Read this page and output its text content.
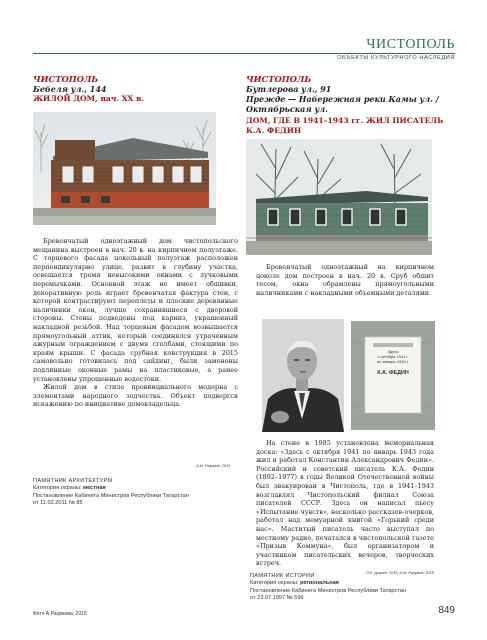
ЧИСТОПОЛЬ
ОБЪЕКТЫ КУЛЬТУРНОГО НАСЛЕДИЯ
ЧИСТОПОЛЬ
Бебеля ул., 144
ЖИЛОЙ ДОМ, нач. XX в.

Бревенчатый одноэтажный дом чистопольского мещанина выстроен в нач. 20 в. на кирпичном полуэтаже. С торцевого фасада цокольный полуэтаж расположен перпендикулярно улице, развит в глубину участка, освещается тремя невысокими окнами с лучковыми перемычками. Основной этаж не имеет обшивки, декоративную роль играет бревенчатая фактура стен, с которой контрастируют переплеты и плоские деревянные наличники окон, лучше сохранившиеся с дворовой стороны. Стены подведены под карниз, украшенный накладной резьбой. Над торцевым фасадом возвышается прямоугольный аттик, который соединялся утраченным ажурным ограждением с двумя столбами, стоящими по краям крыши. С фасада срубная конструкция в 2015 самовольно готовилась под сайдинг, были заменены подлинные оконные рамы на пластиковые, а ранее установлены упрощенные водостоки.

Жилой дом в стиле провинциального модерна с элементами народного зодчества. Объект подвергся искажению по инициативе домовладельца.

А.М. Разумов, 2015
ПАМЯТНИК АРХИТЕКТУРЫ
Категория охраны: местная
Постановление Кабинета Министров Республики Татарстан
от 11.02.2011 № 85
ЧИСТОПОЛЬ
Бутлерова ул., 91
Прежде — Набережная реки Камы ул. /
Октябрьская ул.
ДОМ, ГДЕ В 1941–1943 гг. ЖИЛ ПИСАТЕЛЬ
К.А. ФЕДИН

Бревенчатый одноэтажный на кирпичном цоколе дом построен в нач. 20 в. Сруб обшит тесом, окна обрамлены прямоугольными наличниками с накладными объемными деталями.

Здесь
с октября 1941 г.
по январь 1943 г.
К.А. ФЕДИН

На стене в 1985 установлена мемориальная доска: «Здесь с октября 1941 по январь 1943 года жил и работал Константин Александрович Федин». Российский и советский писатель К.А. Федин (1892–1977) в годы Великой Отечественной войны был эвакуирован в Чистополь, где в 1941–1943 возглавлял Чистопольский филиал Союза писателей СССР. Здесь он написал пьесу «Испытание чувств», несколько рассказов-очерков, работал над мемуарной книгой «Горький среди нас». Маститый писатель часто выступал по местному радио, печатался в чистопольской газете «Призыв Коммуна», был организатором и участником писательских вечеров, творческих встреч.

Л.Е. Дьяков, 2015; А.М. Разумов, 2015
ПАМЯТНИК ИСТОРИИ
Категория охраны: региональная
Постановление Кабинета Министров Республики Татарстан
от 23.07.1997 № 599
Фото А.Разумова, 2015	849
